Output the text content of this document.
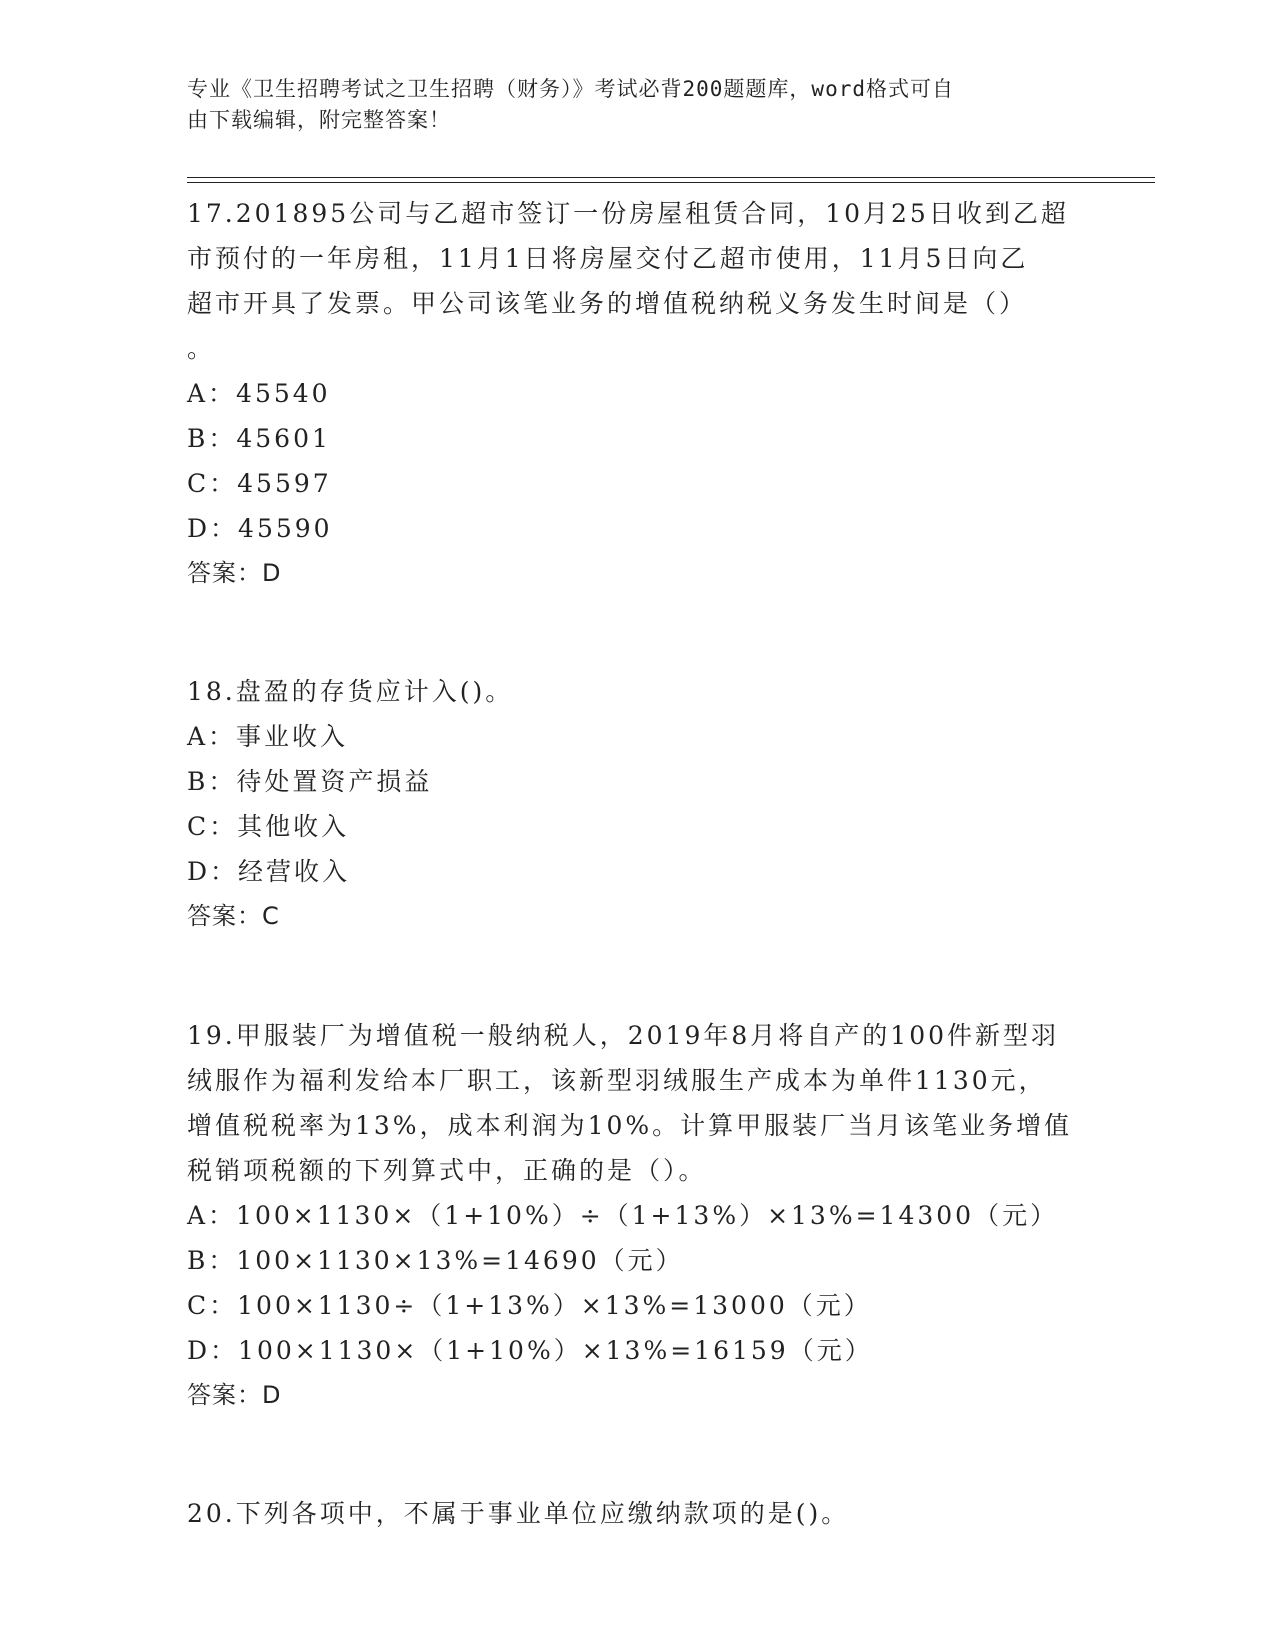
专业《卫生招聘考试之卫生招聘（财务）》考试必背200题题库，word格式可自
由下载编辑，附完整答案！
17.201895公司与乙超市签订一份房屋租赁合同，10月25日收到乙超
市预付的一年房租，11月1日将房屋交付乙超市使用，11月5日向乙
超市开具了发票。甲公司该笔业务的增值税纳税义务发生时间是（）
。
A：45540
B：45601
C：45597
D：45590
答案：D
18.盘盈的存货应计入()。
A：事业收入
B：待处置资产损益
C：其他收入
D：经营收入
答案：C
19.甲服装厂为增值税一般纳税人，2019年8月将自产的100件新型羽
绒服作为福利发给本厂职工，该新型羽绒服生产成本为单件1130元，
增值税税率为13%，成本利润为10%。计算甲服装厂当月该笔业务增值
税销项税额的下列算式中，正确的是（）。
A：100×1130×（1+10%）÷（1+13%）×13%=14300（元）
B：100×1130×13%=14690（元）
C：100×1130÷（1+13%）×13%=13000（元）
D：100×1130×（1+10%）×13%=16159（元）
答案：D
20.下列各项中，不属于事业单位应缴纳款项的是()。
